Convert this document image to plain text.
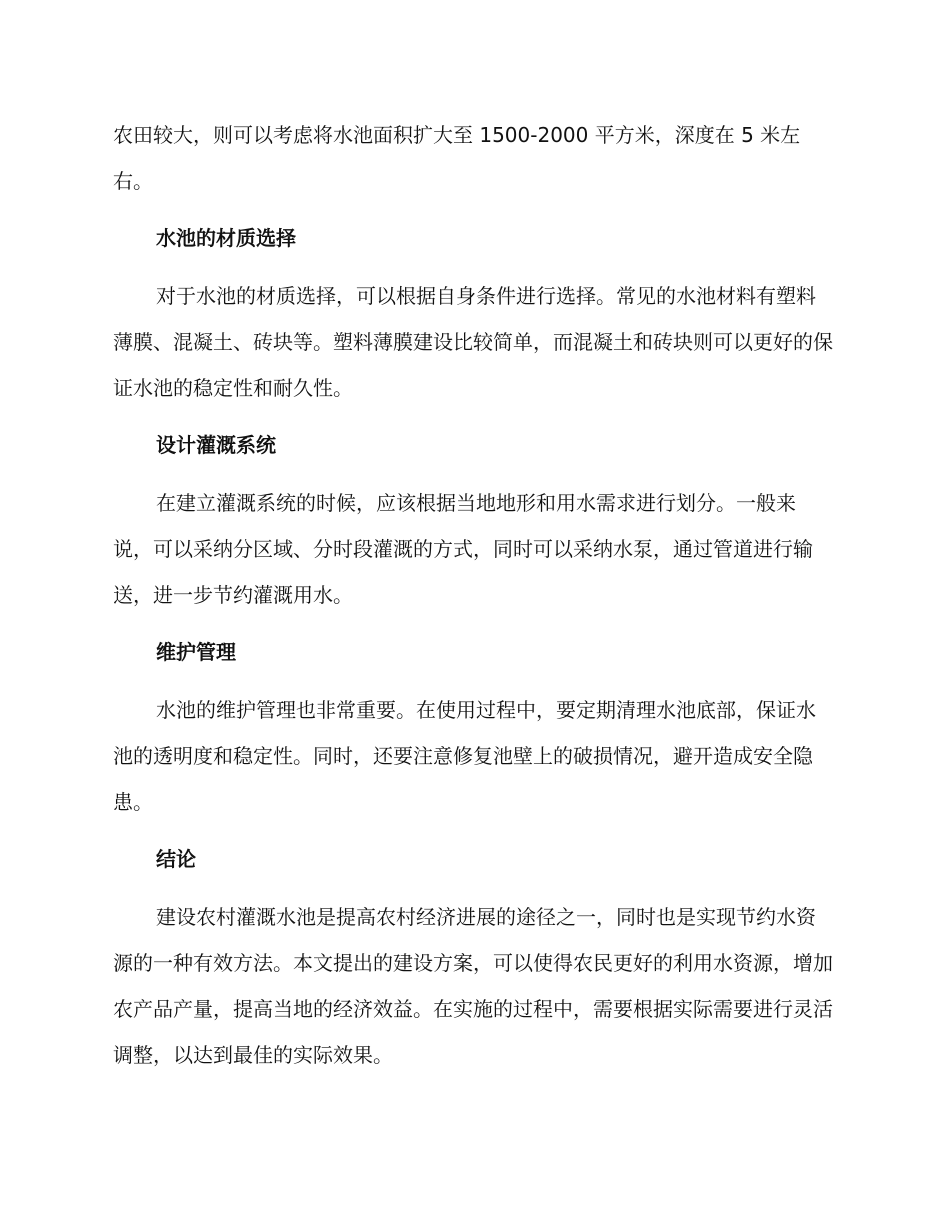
农田较大，则可以考虑将水池面积扩大至 1500-2000 平方米，深度在 5 米左右。

水池的材质选择

对于水池的材质选择，可以根据自身条件进行选择。常见的水池材料有塑料薄膜、混凝土、砖块等。塑料薄膜建设比较简单，而混凝土和砖块则可以更好的保证水池的稳定性和耐久性。

设计灌溉系统

在建立灌溉系统的时候，应该根据当地地形和用水需求进行划分。一般来说，可以采纳分区域、分时段灌溉的方式，同时可以采纳水泵，通过管道进行输送，进一步节约灌溉用水。

维护管理

水池的维护管理也非常重要。在使用过程中，要定期清理水池底部，保证水池的透明度和稳定性。同时，还要注意修复池壁上的破损情况，避开造成安全隐患。

结论

建设农村灌溉水池是提高农村经济进展的途径之一，同时也是实现节约水资源的一种有效方法。本文提出的建设方案，可以使得农民更好的利用水资源，增加农产品产量，提高当地的经济效益。在实施的过程中，需要根据实际需要进行灵活调整，以达到最佳的实际效果。
